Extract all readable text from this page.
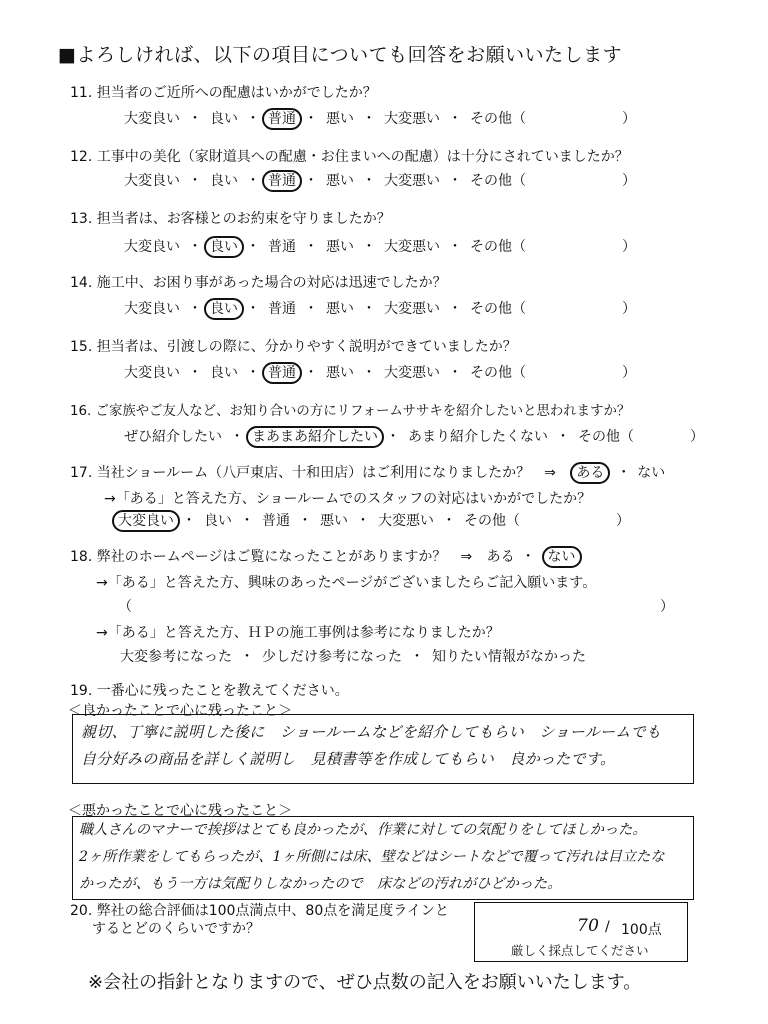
■よろしければ、以下の項目についても回答をお願いいたします
11. 担当者のご近所への配慮はいかがでしたか？
大変良い ・ 良い ・ 普通 ・ 悪い ・ 大変悪い ・ その他（	）
12. 工事中の美化（家財道具への配慮・お住まいへの配慮）は十分にされていましたか？
大変良い ・ 良い ・ 普通 ・ 悪い ・ 大変悪い ・ その他（	）
13. 担当者は、お客様とのお約束を守りましたか？
大変良い ・ 良い ・ 普通 ・ 悪い ・ 大変悪い ・ その他（	）
14. 施工中、お困り事があった場合の対応は迅速でしたか？
大変良い ・ 良い ・ 普通 ・ 悪い ・ 大変悪い ・ その他（	）
15. 担当者は、引渡しの際に、分かりやすく説明ができていましたか？
大変良い ・ 良い ・ 普通 ・ 悪い ・ 大変悪い ・ その他（	）
16. ご家族やご友人など、お知り合いの方にリフォームササキを紹介したいと思われますか？
ぜひ紹介したい ・ まあまあ紹介したい ・ あまり紹介したくない ・ その他（	）
17. 当社ショールーム（八戸東店、十和田店）はご利用になりましたか？　⇒ ある ・ ない
→「ある」と答えた方、ショールームでのスタッフの対応はいかがでしたか？
大変良い ・ 良い ・ 普通 ・ 悪い ・ 大変悪い ・ その他（	）
18. 弊社のホームページはご覧になったことがありますか？　⇒ ある ・ ない
→「ある」と答えた方、興味のあったページがございましたらご記入願います。
（	）
→「ある」と答えた方、ＨＰの施工事例は参考になりましたか？
大変参考になった ・ 少しだけ参考になった ・ 知りたい情報がなかった
19. 一番心に残ったことを教えてください。
＜良かったことで心に残ったこと＞
親切、丁寧に説明した後に　ショールームなどを紹介してもらい　ショールームでも
自分好みの商品を詳しく説明し　見積書等を作成してもらい　良かったです。
＜悪かったことで心に残ったこと＞
職人さんのマナーで挨拶はとても良かったが、作業に対しての気配りをしてほしかった。
2ヶ所作業をしてもらったが、1ヶ所側には床、壁などはシートなどで覆って汚れは目立たな
かったが、もう一方は気配りしなかったので　床などの汚れがひどかった。
20. 弊社の総合評価は100点満点中、80点を満足度ラインと
するとどのくらいですか？	70 / 100点
厳しく採点してください
※会社の指針となりますので、ぜひ点数の記入をお願いいたします。
